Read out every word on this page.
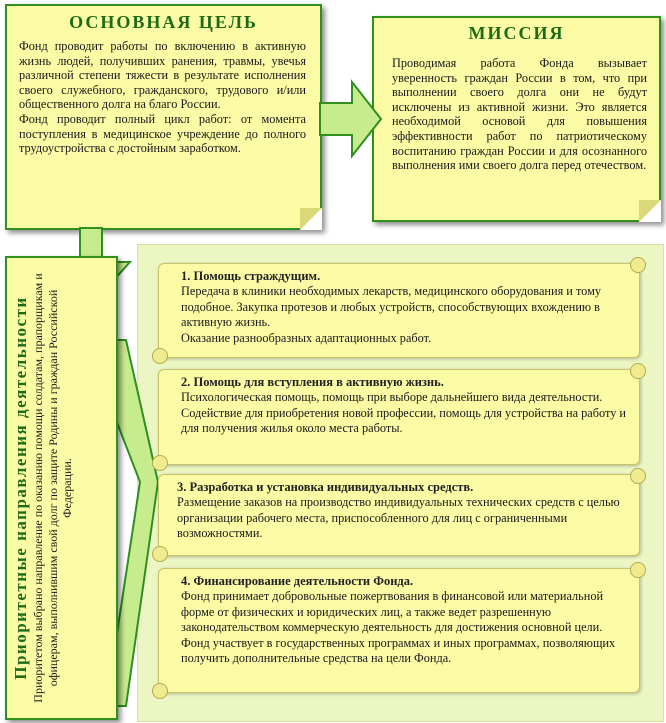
ОСНОВНАЯ ЦЕЛЬ

Фонд проводит работы по включению в активную жизнь людей, получивших ранения, травмы, увечья различной степени тяжести в результате исполнения своего служебного, гражданского, трудового и/или общественного долга на благо России.

Фонд проводит полный цикл работ: от момента поступления в медицинское учреждение до полного трудоустройства с достойным заработком.

МИССИЯ
Проводимая работа Фонда вызывает уверенность граждан России в том, что при выполнении своего долга они не будут исключены из активной жизни. Это является необходимой основой для повышения эффективности работ по патриотическому воспитанию граждан России и для осознанного выполнения ими своего долга перед отечеством.
Приоритетные направления деятельности Приоритетом выбрано направление по оказанию помощи солдатам, прапорщикам и офицерам, выполнившим свой долг по защите Родины и граждан Российской Федерации.
1. Помощь страждущим.

Передача в клиники необходимых лекарств, медицинского оборудования и тому подобное. Закупка протезов и любых устройств, способствующих вхождению в активную жизнь.

Оказание разнообразных адаптационных работ.

2. Помощь для вступления в активную жизнь.

Психологическая помощь, помощь при выборе дальнейшего вида деятельности.

Содействие для приобретения новой профессии, помощь для устройства на работу и для получения жилья около места работы.

3. Разработка и установка индивидуальных средств.

Размещение заказов на производство индивидуальных технических средств с целью организации рабочего места, приспособленного для лиц с ограниченными возможностями.

4. Финансирование деятельности Фонда.

Фонд принимает добровольные пожертвования в финансовой или материальной форме от физических и юридических лиц, а также ведет разрешенную законодательством коммерческую деятельность для достижения основной цели.

Фонд участвует в государственных программах и иных программах, позволяющих получить дополнительные средства на цели Фонда.
